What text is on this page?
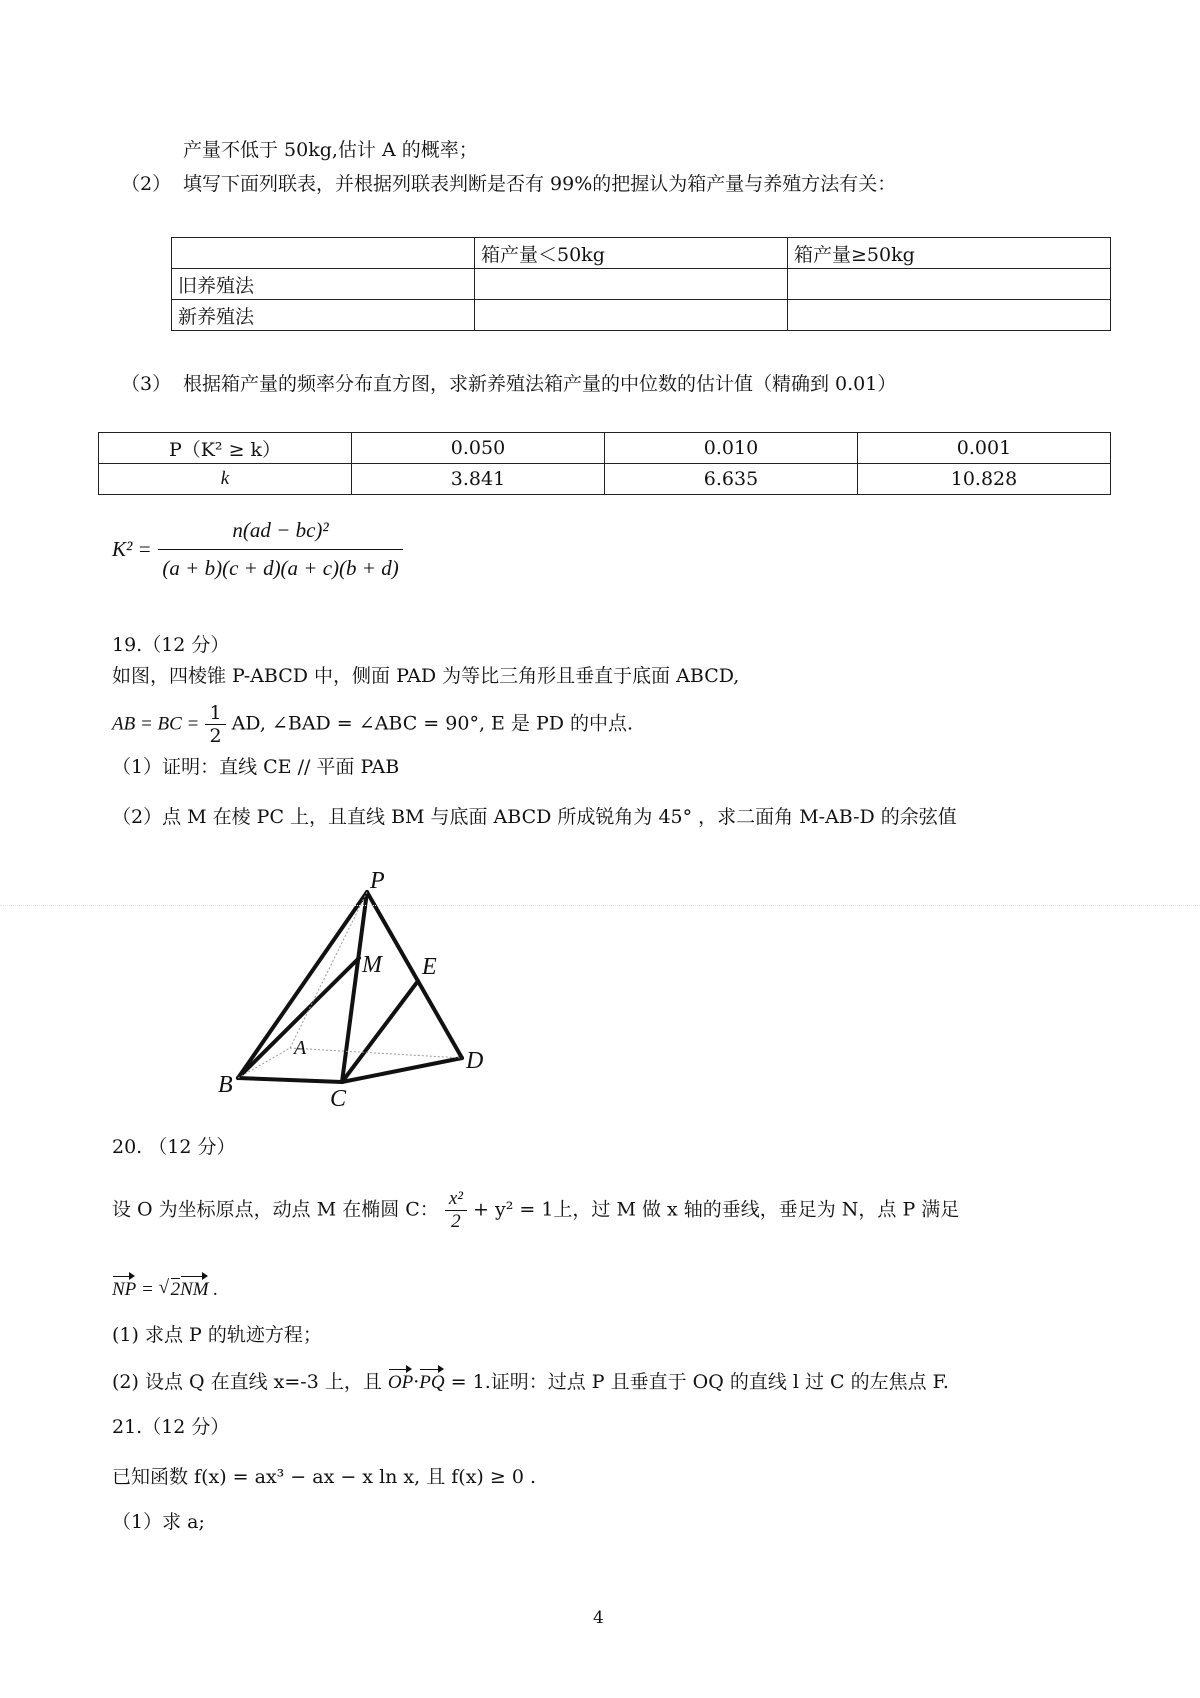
产量不低于 50kg,估计 A 的概率；
（2） 填写下面列联表，并根据列联表判断是否有 99%的把握认为箱产量与养殖方法有关：
	箱产量＜50kg	箱产量≥50kg
旧养殖法		
新养殖法		
（3） 根据箱产量的频率分布直方图，求新养殖法箱产量的中位数的估计值（精确到 0.01）
P（K² ≥ k）	0.050	0.010	0.001
k	3.841	6.635	10.828
$K^2 = \frac{\text{n(ad − bc)²}}{(a + b)(c + d)(a + c)(b + d)}$
19.（12 分）
如图，四棱锥 P-ABCD 中，侧面 PAD 为等比三角形且垂直于底面 ABCD,
AB = BC = $\frac{1}{2}$ AD, ∠BAD = ∠ABC = 90°, E 是 PD 的中点.
（1）证明：直线 CE // 平面 PAB
（2）点 M 在棱 PC 上，且直线 BM 与底面 ABCD 所成锐角为 45° ，求二面角 M-AB-D 的余弦值
P
M E
A	D
B
C
20. （12 分）
设 O 为坐标原点，动点 M 在椭圆 C： $\frac{\text{x²}}{2} + y^2 = 1$上，过 M 做 x 轴的垂线，垂足为 N，点 P 满足
NP = √ 2NM .
(1) 求点 P 的轨迹方程；
(2) 设点 Q 在直线 x=-3 上，且 OP·PQ = 1.证明：过点 P 且垂直于 OQ 的直线 l 过 C 的左焦点 F.
21.（12 分）
已知函数 f(x) = ax³ − ax − x ln x, 且 f(x) ≥ 0 .
（1）求 a;
4
